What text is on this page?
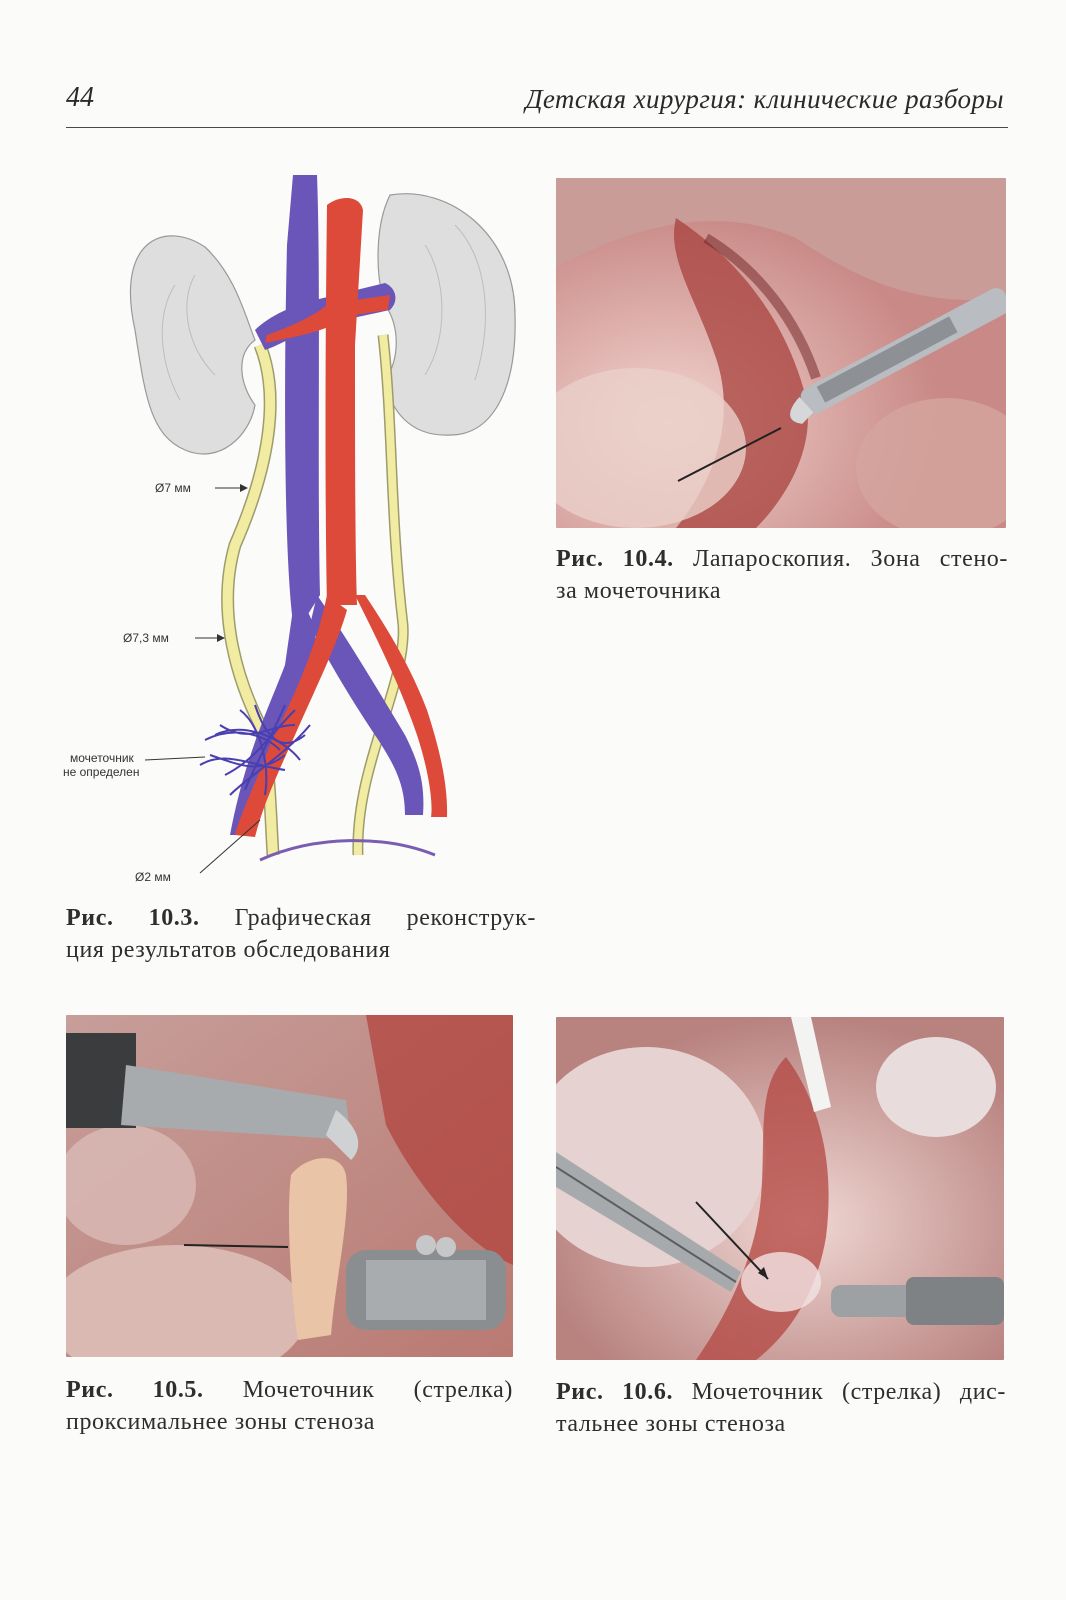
44	Детская хирургия: клинические разборы
Ø7 мм
Ø7,3 мм
мочеточник
не определен
Ø2 мм
Рис. 10.3. Графическая реконструк-
ция результатов обследования
Рис. 10.4. Лапароскопия. Зона стено-
за мочеточника
Рис. 10.5. Мочеточник (стрелка)
проксимальнее зоны стеноза
Рис. 10.6. Мочеточник (стрелка) дис-
тальнее зоны стеноза
